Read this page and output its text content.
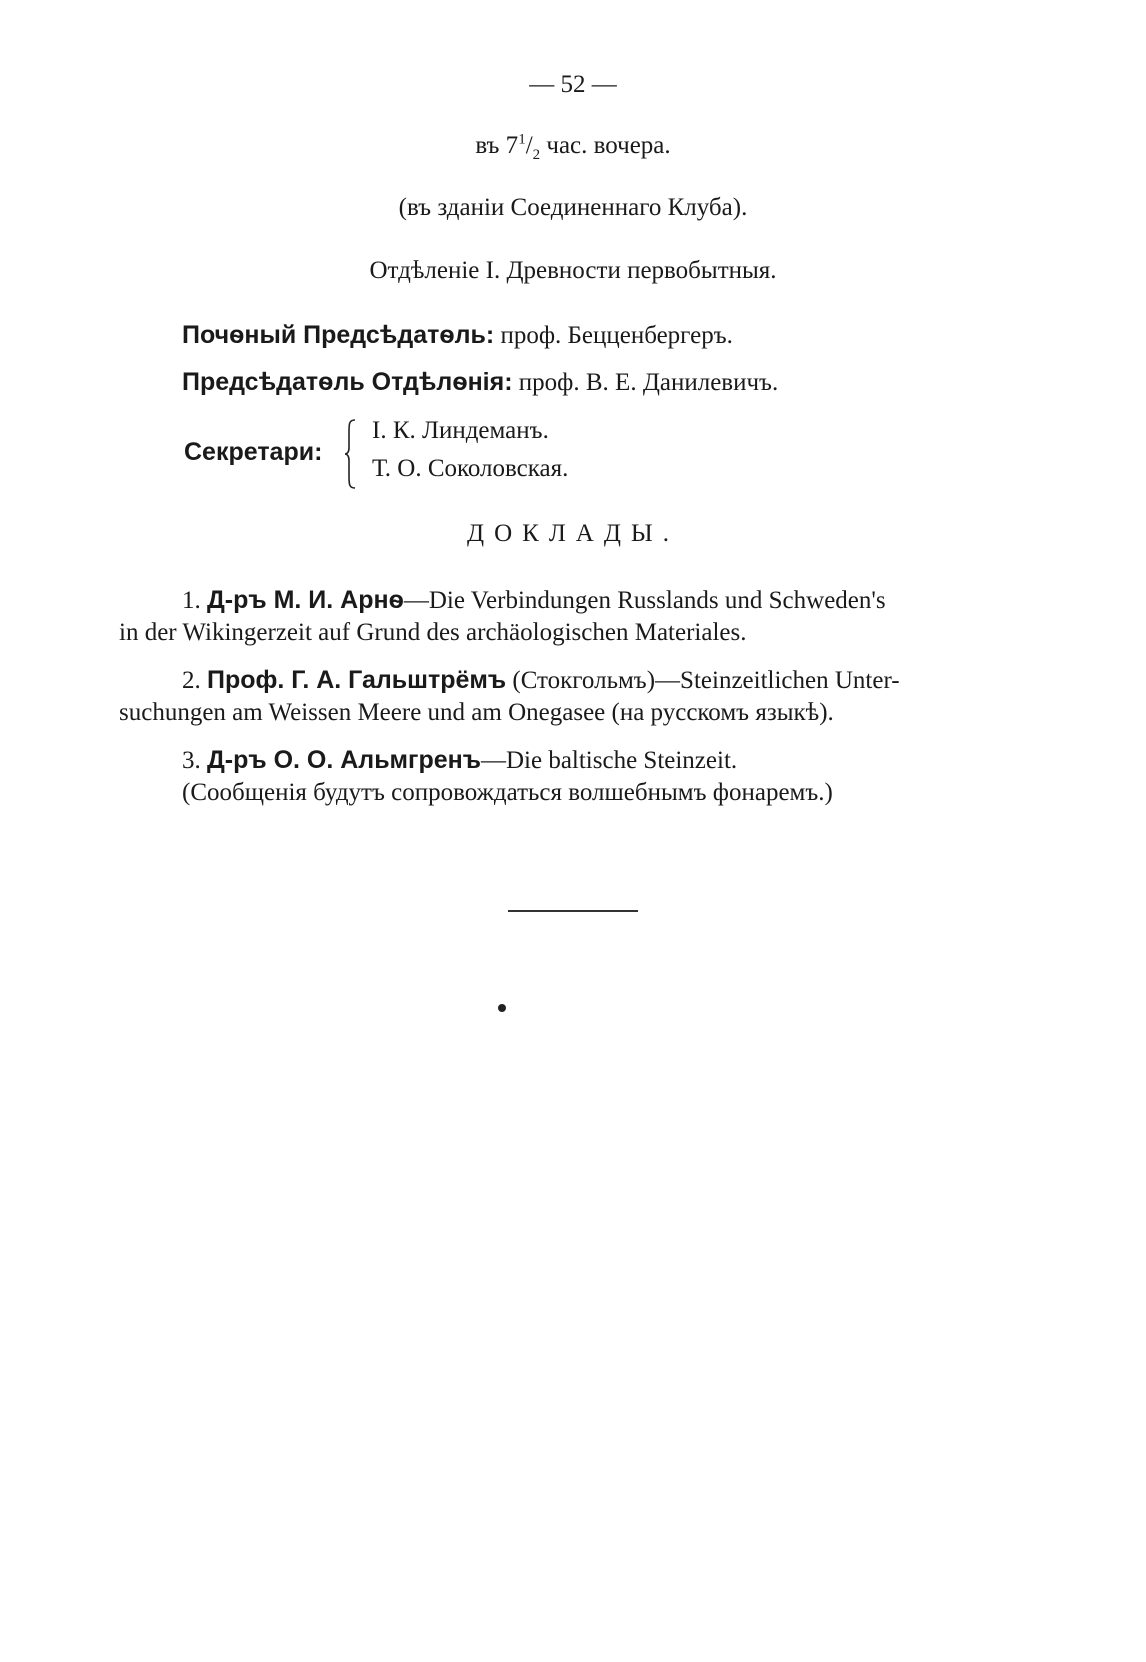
— 52 —
въ $7^1/_2$ час. вочера.
(въ зданіи Соединеннаго Клуба).
Отдѣленіе I. Древности первобытныя.
Почѳный Предсѣдатѳль: проф. Бецценбергеръ.
Предсѣдатѳль Отдѣлѳнія: проф. В. Е. Данилевичъ.
Секретари:
І. К. Линдеманъ.
Т. О. Соколовская.
ДОКЛАДЫ.
1. Д-ръ М. И. Арнѳ—Die Verbindungen Russlands und Schweden's
in der Wikingerzeit auf Grund des archäologischen Materiales.
2. Проф. Г. А. Гальштрёмъ (Стокгольмъ)—Steinzeitlichen Unter-
suchungen am Weissen Meere und am Onegasee (на русскомъ языкѣ).
3. Д-ръ О. О. Альмгренъ—Die baltische Steinzeit.
(Сообщенія будутъ сопровождаться волшебнымъ фонаремъ.)
